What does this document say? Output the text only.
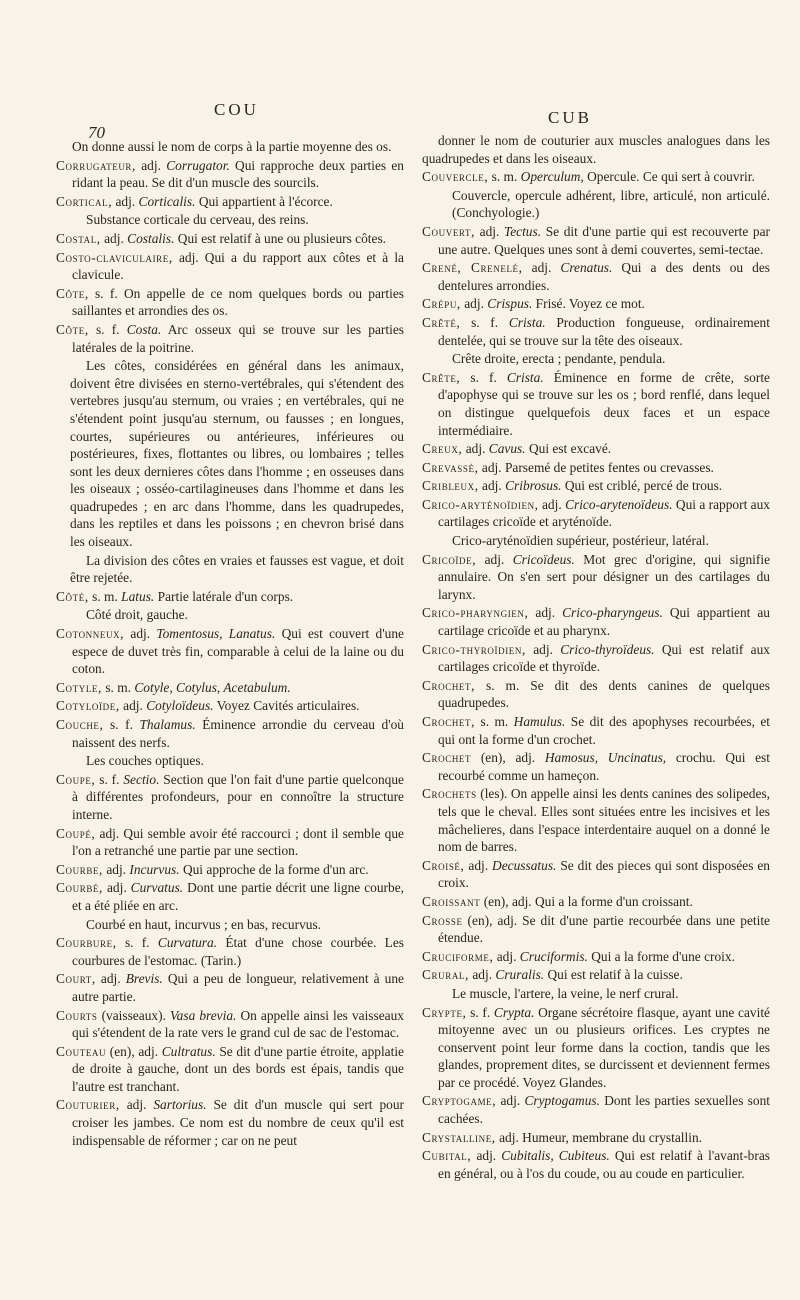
COU	CUB
70

On donne aussi le nom de corps à la partie moyenne des os.

Corrugateur, adj. Corrugator. Qui rapproche deux parties en ridant la peau. Se dit d'un muscle des sourcils.

Cortical, adj. Corticalis. Qui appartient à l'écorce.

Substance corticale du cerveau, des reins.

Costal, adj. Costalis. Qui est relatif à une ou plusieurs côtes.

Costo-claviculaire, adj. Qui a du rapport aux côtes et à la clavicule.

Côte, s. f. On appelle de ce nom quelques bords ou parties saillantes et arrondies des os.

Côte, s. f. Costa. Arc osseux qui se trouve sur les parties latérales de la poitrine.

Les côtes, considérées en général dans les animaux, doivent être divisées en sterno-vertébrales, qui s'étendent des vertebres jusqu'au sternum, ou vraies ; en vertébrales, qui ne s'étendent point jusqu'au sternum, ou fausses ; en longues, courtes, supérieures ou antérieures, inférieures ou postérieures, fixes, flottantes ou libres, ou lombaires ; telles sont les deux dernieres côtes dans l'homme ; en osseuses dans les oiseaux ; osséo-cartilagineuses dans l'homme et dans les quadrupedes ; en arc dans l'homme, dans les quadrupedes, dans les reptiles et dans les poissons ; en chevron brisé dans les oiseaux.

La division des côtes en vraies et fausses est vague, et doit être rejetée.

Côté, s. m. Latus. Partie latérale d'un corps.

Côté droit, gauche.

Cotonneux, adj. Tomentosus, Lanatus. Qui est couvert d'une espece de duvet très fin, comparable à celui de la laine ou du coton.

Cotyle, s. m. Cotyle, Cotylus, Acetabulum.

Cotyloïde, adj. Cotyloïdeus. Voyez Cavités articulaires.

Couche, s. f. Thalamus. Éminence arrondie du cerveau d'où naissent des nerfs.

Les couches optiques.

Coupe, s. f. Sectio. Section que l'on fait d'une partie quelconque à différentes profondeurs, pour en connoître la structure interne.

Coupé, adj. Qui semble avoir été raccourci ; dont il semble que l'on a retranché une partie par une section.

Courbe, adj. Incurvus. Qui approche de la forme d'un arc.

Courbé, adj. Curvatus. Dont une partie décrit une ligne courbe, et a été pliée en arc.

Courbé en haut, incurvus ; en bas, recurvus.

Courbure, s. f. Curvatura. État d'une chose courbée. Les courbures de l'estomac. (Tarin.)

Court, adj. Brevis. Qui a peu de longueur, relativement à une autre partie.

Courts (vaisseaux). Vasa brevia. On appelle ainsi les vaisseaux qui s'étendent de la rate vers le grand cul de sac de l'estomac.

Couteau (en), adj. Cultratus. Se dit d'une partie étroite, applatie de droite à gauche, dont un des bords est épais, tandis que l'autre est tranchant.

Couturier, adj. Sartorius. Se dit d'un muscle qui sert pour croiser les jambes. Ce nom est du nombre de ceux qu'il est indispensable de réformer ; car on ne peut

donner le nom de couturier aux muscles analogues dans les quadrupedes et dans les oiseaux.

Couvercle, s. m. Operculum, Opercule. Ce qui sert à couvrir.

Couvercle, opercule adhérent, libre, articulé, non articulé. (Conchyologie.)

Couvert, adj. Tectus. Se dit d'une partie qui est recouverte par une autre. Quelques unes sont à demi couvertes, semi-tectae.

Crené, Crenelé, adj. Crenatus. Qui a des dents ou des dentelures arrondies.

Crépu, adj. Crispus. Frisé. Voyez ce mot.

Crêté, s. f. Crista. Production fongueuse, ordinairement dentelée, qui se trouve sur la tête des oiseaux.

Crête droite, erecta ; pendante, pendula.

Crête, s. f. Crista. Éminence en forme de crête, sorte d'apophyse qui se trouve sur les os ; bord renflé, dans lequel on distingue quelquefois deux faces et un espace intermédiaire.

Creux, adj. Cavus. Qui est excavé.

Crevassé, adj. Parsemé de petites fentes ou crevasses.

Cribleux, adj. Cribrosus. Qui est criblé, percé de trous.

Crico-aryténoïdien, adj. Crico-arytenoïdeus. Qui a rapport aux cartilages cricoïde et aryténoïde.

Crico-aryténoïdien supérieur, postérieur, latéral.

Cricoïde, adj. Cricoïdeus. Mot grec d'origine, qui signifie annulaire. On s'en sert pour désigner un des cartilages du larynx.

Crico-pharyngien, adj. Crico-pharyngeus. Qui appartient au cartilage cricoïde et au pharynx.

Crico-thyroïdien, adj. Crico-thyroïdeus. Qui est relatif aux cartilages cricoïde et thyroïde.

Crochet, s. m. Se dit des dents canines de quelques quadrupedes.

Crochet, s. m. Hamulus. Se dit des apophyses recourbées, et qui ont la forme d'un crochet.

Crochet (en), adj. Hamosus, Uncinatus, crochu. Qui est recourbé comme un hameçon.

Crochets (les). On appelle ainsi les dents canines des solipedes, tels que le cheval. Elles sont situées entre les incisives et les mâchelieres, dans l'espace interdentaire auquel on a donné le nom de barres.

Croisé, adj. Decussatus. Se dit des pieces qui sont disposées en croix.

Croissant (en), adj. Qui a la forme d'un croissant.

Crosse (en), adj. Se dit d'une partie recourbée dans une petite étendue.

Cruciforme, adj. Cruciformis. Qui a la forme d'une croix.

Crural, adj. Cruralis. Qui est relatif à la cuisse.

Le muscle, l'artere, la veine, le nerf crural.

Crypte, s. f. Crypta. Organe sécrétoire flasque, ayant une cavité mitoyenne avec un ou plusieurs orifices. Les cryptes ne conservent point leur forme dans la coction, tandis que les glandes, proprement dites, se durcissent et deviennent fermes par ce procédé. Voyez Glandes.

Cryptogame, adj. Cryptogamus. Dont les parties sexuelles sont cachées.

Crystalline, adj. Humeur, membrane du crystallin.

Cubital, adj. Cubitalis, Cubiteus. Qui est relatif à l'avant-bras en général, ou à l'os du coude, ou au coude en particulier.
